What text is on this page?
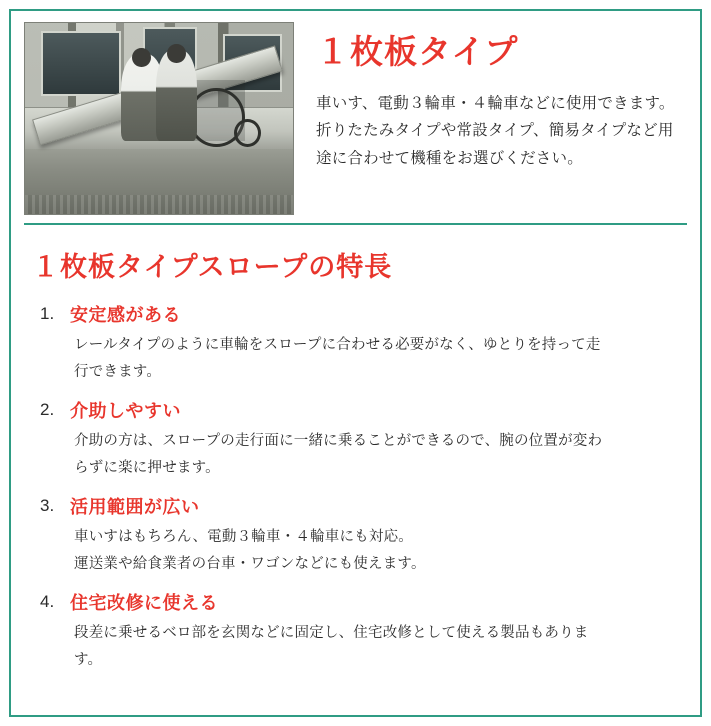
１枚板タイプ
車いす、電動３輪車・４輪車などに使用できます。 折りたたみタイプや常設タイプ、簡易タイプなど用 途に合わせて機種をお選びください。
１枚板タイプスロープの特長
安定感がある
レールタイプのように車輪をスロープに合わせる必要がなく、ゆとりを持って走
行できます。
介助しやすい
介助の方は、スロープの走行面に一緒に乗ることができるので、腕の位置が変わ
らずに楽に押せます。
活用範囲が広い
車いすはもちろん、電動３輪車・４輪車にも対応。
運送業や給食業者の台車・ワゴンなどにも使えます。
住宅改修に使える
段差に乗せるベロ部を玄関などに固定し、住宅改修として使える製品もありま
す。
